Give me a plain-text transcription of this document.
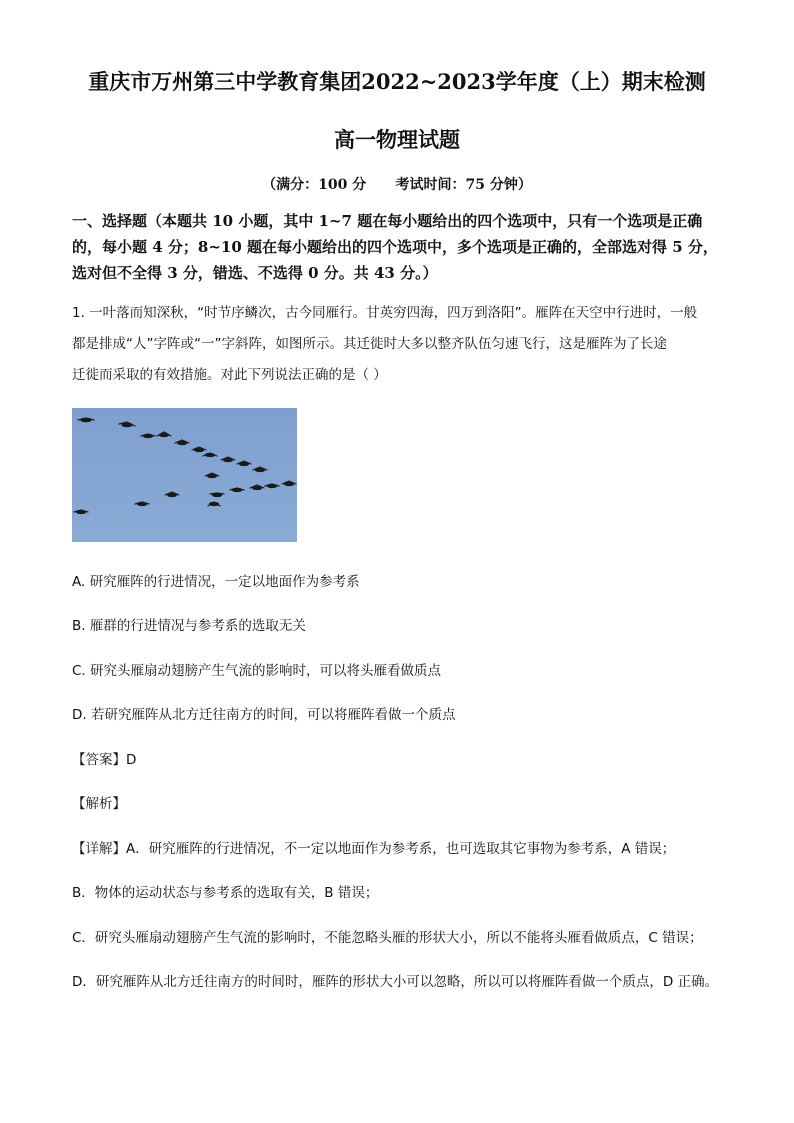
重庆市万州第三中学教育集团2022~2023学年度（上）期末检测
高一物理试题
（满分：100 分      考试时间：75 分钟）
一、选择题（本题共 10 小题，其中 1~7 题在每小题给出的四个选项中，只有一个选项是正确
的，每小题 4 分；8~10 题在每小题给出的四个选项中，多个选项是正确的，全部选对得 5 分，
选对但不全得 3 分，错选、不选得 0 分。共 43 分。）
1. 一叶落而知深秋，“时节序鳞次，古今同雁行。甘英穷四海，四万到洛阳”。雁阵在天空中行进时，一般
都是排成“人”字阵或“一”字斜阵，如图所示。其迁徙时大多以整齐队伍匀速飞行，这是雁阵为了长途
迁徙而采取的有效措施。对此下列说法正确的是（ ）
A. 研究雁阵的行进情况，一定以地面作为参考系
B. 雁群的行进情况与参考系的选取无关
C. 研究头雁扇动翅膀产生气流的影响时，可以将头雁看做质点
D. 若研究雁阵从北方迁往南方的时间，可以将雁阵看做一个质点
【答案】D
【解析】
【详解】A．研究雁阵的行进情况，不一定以地面作为参考系，也可选取其它事物为参考系，A 错误；
B．物体的运动状态与参考系的选取有关，B 错误；
C．研究头雁扇动翅膀产生气流的影响时，不能忽略头雁的形状大小，所以不能将头雁看做质点，C 错误；
D．研究雁阵从北方迁往南方的时间时，雁阵的形状大小可以忽略，所以可以将雁阵看做一个质点，D 正确。
